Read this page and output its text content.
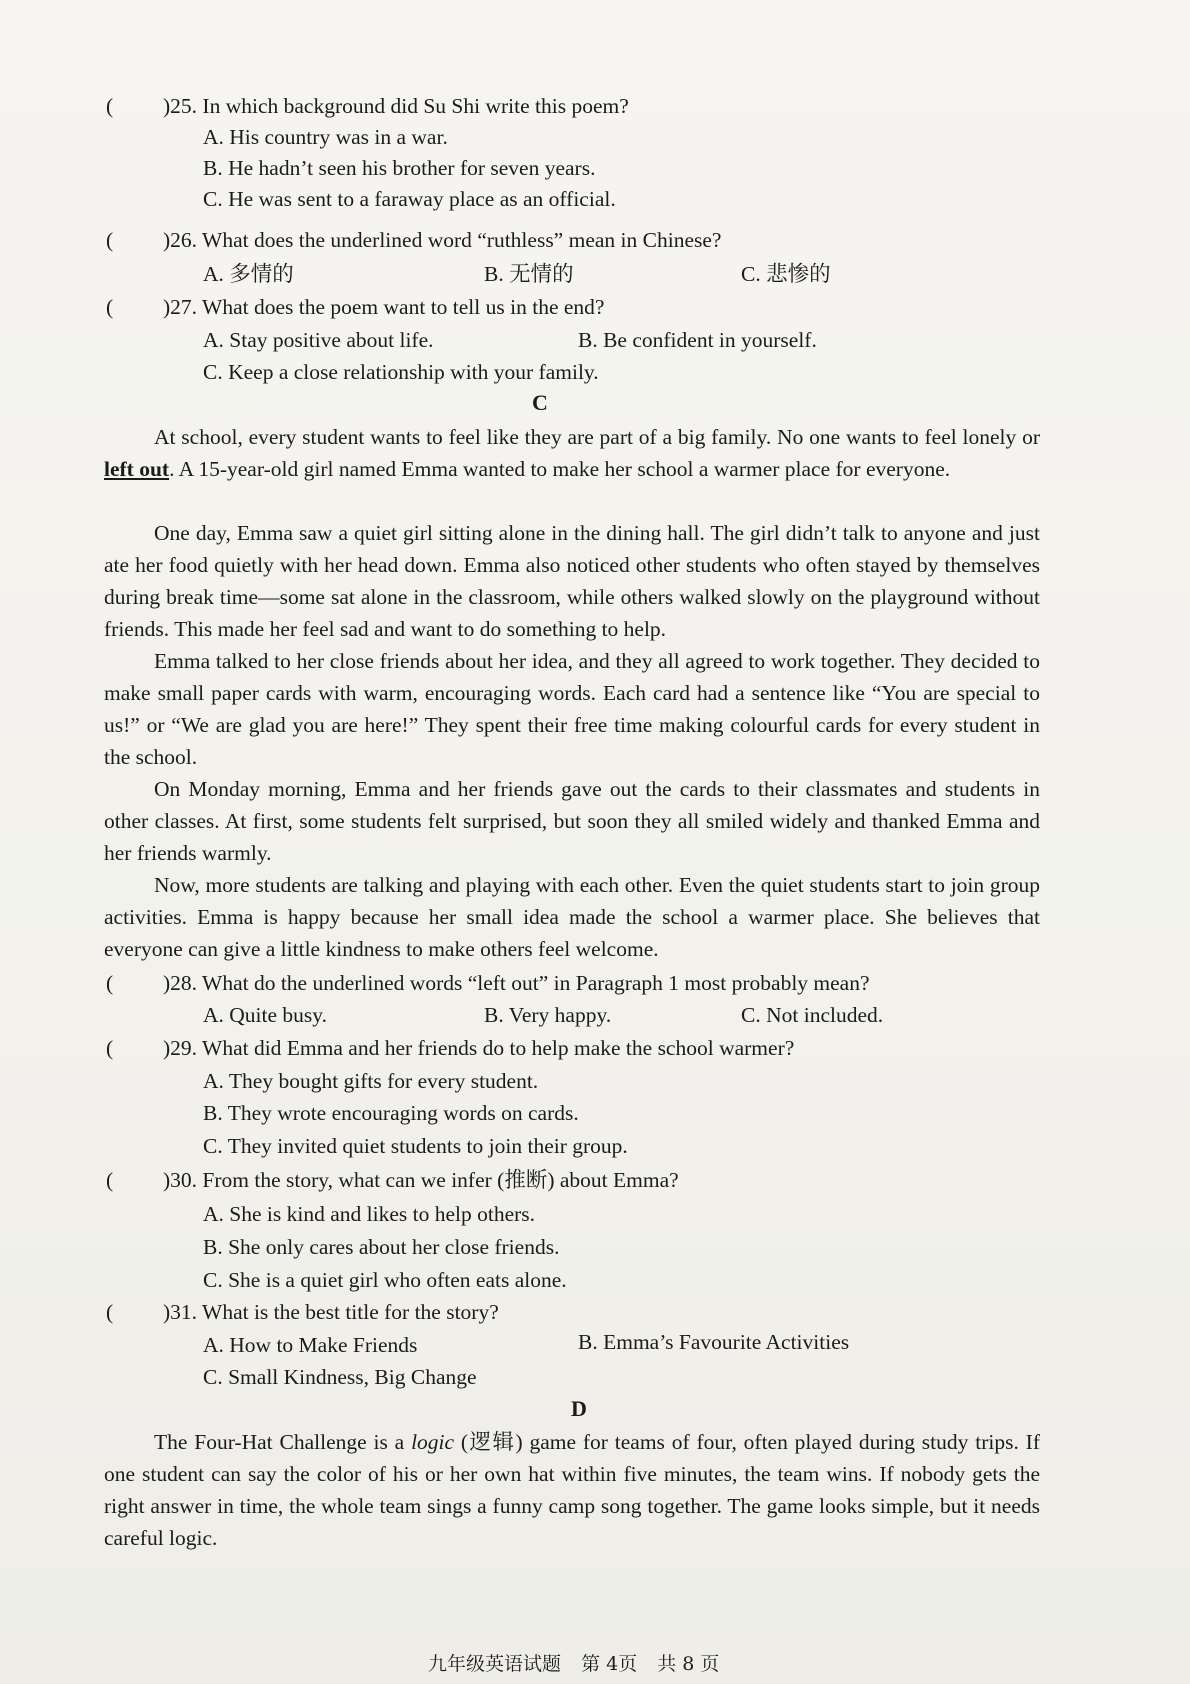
( )25. In which background did Su Shi write this poem?
A. His country was in a war.
B. He hadn’t seen his brother for seven years.
C. He was sent to a faraway place as an official.
( )26. What does the underlined word “ruthless” mean in Chinese?
A. 多情的	B. 无情的	C. 悲惨的
( )27. What does the poem want to tell us in the end?
A. Stay positive about life.	B. Be confident in yourself.
C. Keep a close relationship with your family.
C
At school, every student wants to feel like they are part of a big family. No one wants to feel lonely or left out. A 15-year-old girl named Emma wanted to make her school a warmer place for everyone.
One day, Emma saw a quiet girl sitting alone in the dining hall. The girl didn’t talk to anyone and just ate her food quietly with her head down. Emma also noticed other students who often stayed by themselves during break time—some sat alone in the classroom, while others walked slowly on the playground without friends. This made her feel sad and want to do something to help.
Emma talked to her close friends about her idea, and they all agreed to work together. They decided to make small paper cards with warm, encouraging words. Each card had a sentence like “You are special to us!” or “We are glad you are here!” They spent their free time making colourful cards for every student in the school.
On Monday morning, Emma and her friends gave out the cards to their classmates and students in other classes. At first, some students felt surprised, but soon they all smiled widely and thanked Emma and her friends warmly.
Now, more students are talking and playing with each other. Even the quiet students start to join group activities. Emma is happy because her small idea made the school a warmer place. She believes that everyone can give a little kindness to make others feel welcome.
( )28. What do the underlined words “left out” in Paragraph 1 most probably mean?
A. Quite busy.	B. Very happy.	C. Not included.
( )29. What did Emma and her friends do to help make the school warmer?
A. They bought gifts for every student.
B. They wrote encouraging words on cards.
C. They invited quiet students to join their group.
( )30. From the story, what can we infer (推断) about Emma?
A. She is kind and likes to help others.
B. She only cares about her close friends.
C. She is a quiet girl who often eats alone.
( )31. What is the best title for the story?
A. How to Make Friends	B. Emma’s Favourite Activities
C. Small Kindness, Big Change
D
The Four-Hat Challenge is a logic (逻辑) game for teams of four, often played during study trips. If one student can say the color of his or her own hat within five minutes, the team wins. If nobody gets the right answer in time, the whole team sings a funny camp song together. The game looks simple, but it needs careful logic.
九年级英语试题 第 4页 共 8 页
